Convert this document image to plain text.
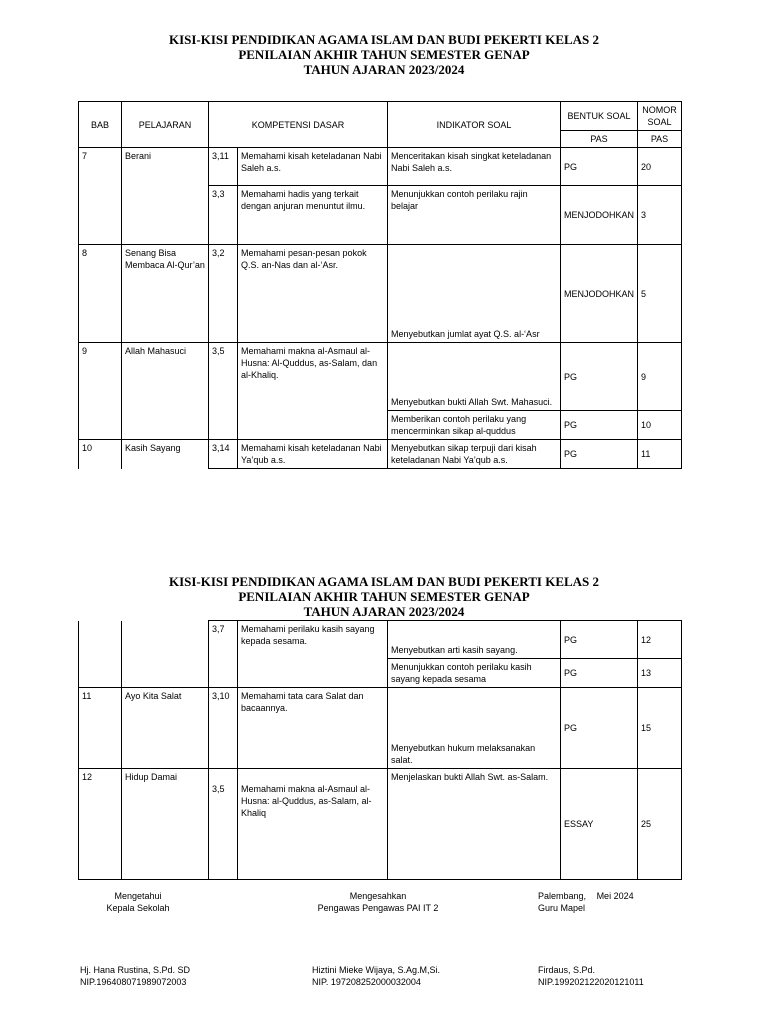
KISI-KISI PENDIDIKAN AGAMA ISLAM DAN BUDI PEKERTI KELAS 2
PENILAIAN AKHIR TAHUN SEMESTER GENAP
TAHUN AJARAN 2023/2024
BAB	PELAJARAN	KOMPETENSI DASAR		INDIKATOR SOAL	BENTUK SOAL	NOMOR SOAL
					PAS	PAS
7	Berani	3,11	Memahami kisah keteladanan Nabi Saleh a.s.	Menceritakan kisah singkat keteladanan Nabi Saleh a.s.	PG	20
		3,3	Memahami hadis yang terkait dengan anjuran menuntut ilmu.	Menunjukkan contoh perilaku rajin belajar	MENJODOHKAN	3
8	Senang Bisa Membaca Al-Qur’an	3,2	Memahami pesan-pesan pokok Q.S. an-Nas dan al-‘Asr.	Menyebutkan jumlat ayat Q.S. al-‘Asr	MENJODOHKAN	5
9	Allah Mahasuci	3,5	Memahami makna al-Asmaul al-Husna: Al-Quddus, as-Salam, dan al-Khaliq.	Menyebutkan bukti Allah Swt. Mahasuci.	PG	9
				Memberikan contoh perilaku yang mencerminkan sikap al-quddus	PG	10
10	Kasih Sayang	3,14	Memahami kisah keteladanan Nabi Ya’qub a.s.	Menyebutkan sikap terpuji dari kisah keteladanan Nabi Ya’qub a.s.	PG	11
KISI-KISI PENDIDIKAN AGAMA ISLAM DAN BUDI PEKERTI KELAS 2
PENILAIAN AKHIR TAHUN SEMESTER GENAP
TAHUN AJARAN 2023/2024
		3,7	Memahami perilaku kasih sayang kepada sesama.	Menyebutkan arti kasih sayang.	PG	12
				Menunjukkan contoh perilaku kasih sayang kepada sesama	PG	13
11	Ayo Kita Salat	3,10	Memahami tata cara Salat dan bacaannya.	Menyebutkan hukum melaksanakan salat.	PG	15
12	Hidup Damai	3,5	Memahami makna al-Asmaul al-Husna: al-Quddus, as-Salam, al-Khaliq	Menjelaskan bukti Allah Swt. as-Salam.	ESSAY	25
Mengetahui
Kepala Sekolah
Hj. Hana Rustina, S.Pd. SD
NIP.196408071989072003
Mengesahkan
Pengawas Pengawas PAI IT 2
Hiztini Mieke Wijaya, S.Ag.M,Si.
NIP. 197208252000032004
Palembang, Mei 2024
Guru Mapel
Firdaus, S.Pd.
NIP.199202122020121011
